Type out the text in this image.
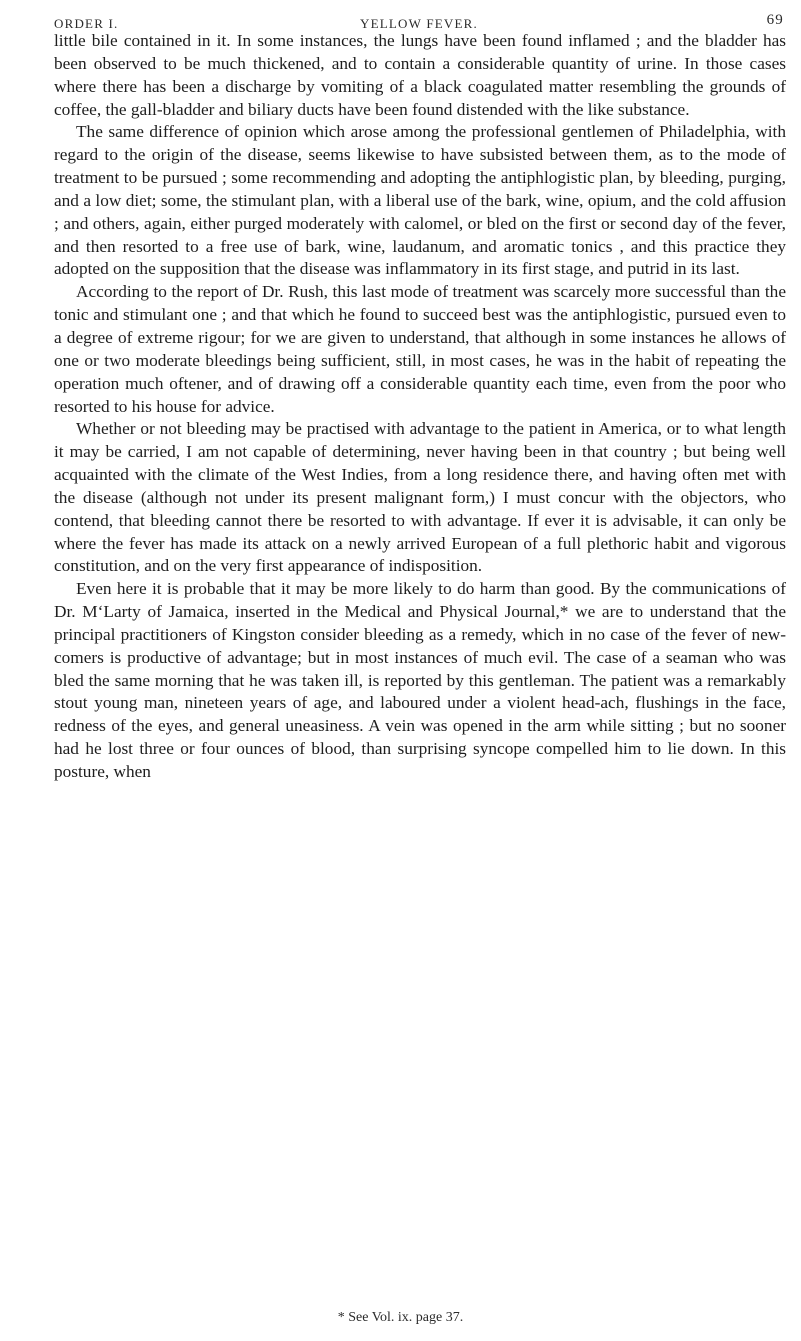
ORDER I.	YELLOW FEVER.	69

little bile contained in it. In some instances, the lungs have been found inflamed ; and the bladder has been observed to be much thickened, and to contain a considerable quantity of urine. In those cases where there has been a discharge by vomiting of a black coagulated matter resembling the grounds of coffee, the gall-bladder and biliary ducts have been found distended with the like substance.

The same difference of opinion which arose among the professional gentlemen of Philadelphia, with regard to the origin of the disease, seems likewise to have subsisted between them, as to the mode of treatment to be pursued ; some recommending and adopting the antiphlogistic plan, by bleeding, purging, and a low diet; some, the stimulant plan, with a liberal use of the bark, wine, opium, and the cold affusion ; and others, again, either purged moderately with calomel, or bled on the first or second day of the fever, and then resorted to a free use of bark, wine, laudanum, and aromatic tonics , and this practice they adopted on the supposition that the disease was inflammatory in its first stage, and putrid in its last.

According to the report of Dr. Rush, this last mode of treatment was scarcely more successful than the tonic and stimulant one ; and that which he found to succeed best was the antiphlogistic, pursued even to a degree of extreme rigour; for we are given to understand, that although in some instances he allows of one or two moderate bleedings being sufficient, still, in most cases, he was in the habit of repeating the operation much oftener, and of drawing off a considerable quantity each time, even from the poor who resorted to his house for advice.

Whether or not bleeding may be practised with advantage to the patient in America, or to what length it may be carried, I am not capable of determining, never having been in that country ; but being well acquainted with the climate of the West Indies, from a long residence there, and having often met with the disease (although not under its present malignant form,) I must concur with the objectors, who contend, that bleeding cannot there be resorted to with advantage. If ever it is advisable, it can only be where the fever has made its attack on a newly arrived European of a full plethoric habit and vigorous constitution, and on the very first appearance of indisposition.

Even here it is probable that it may be more likely to do harm than good. By the communications of Dr. M‘Larty of Jamaica, inserted in the Medical and Physical Journal,* we are to understand that the principal practitioners of Kingston consider bleeding as a remedy, which in no case of the fever of new-comers is productive of advantage; but in most instances of much evil. The case of a seaman who was bled the same morning that he was taken ill, is reported by this gentleman. The patient was a remarkably stout young man, nineteen years of age, and laboured under a violent head-ach, flushings in the face, redness of the eyes, and general uneasiness. A vein was opened in the arm while sitting ; but no sooner had he lost three or four ounces of blood, than surprising syncope compelled him to lie down. In this posture, when

* See Vol. ix. page 37.
